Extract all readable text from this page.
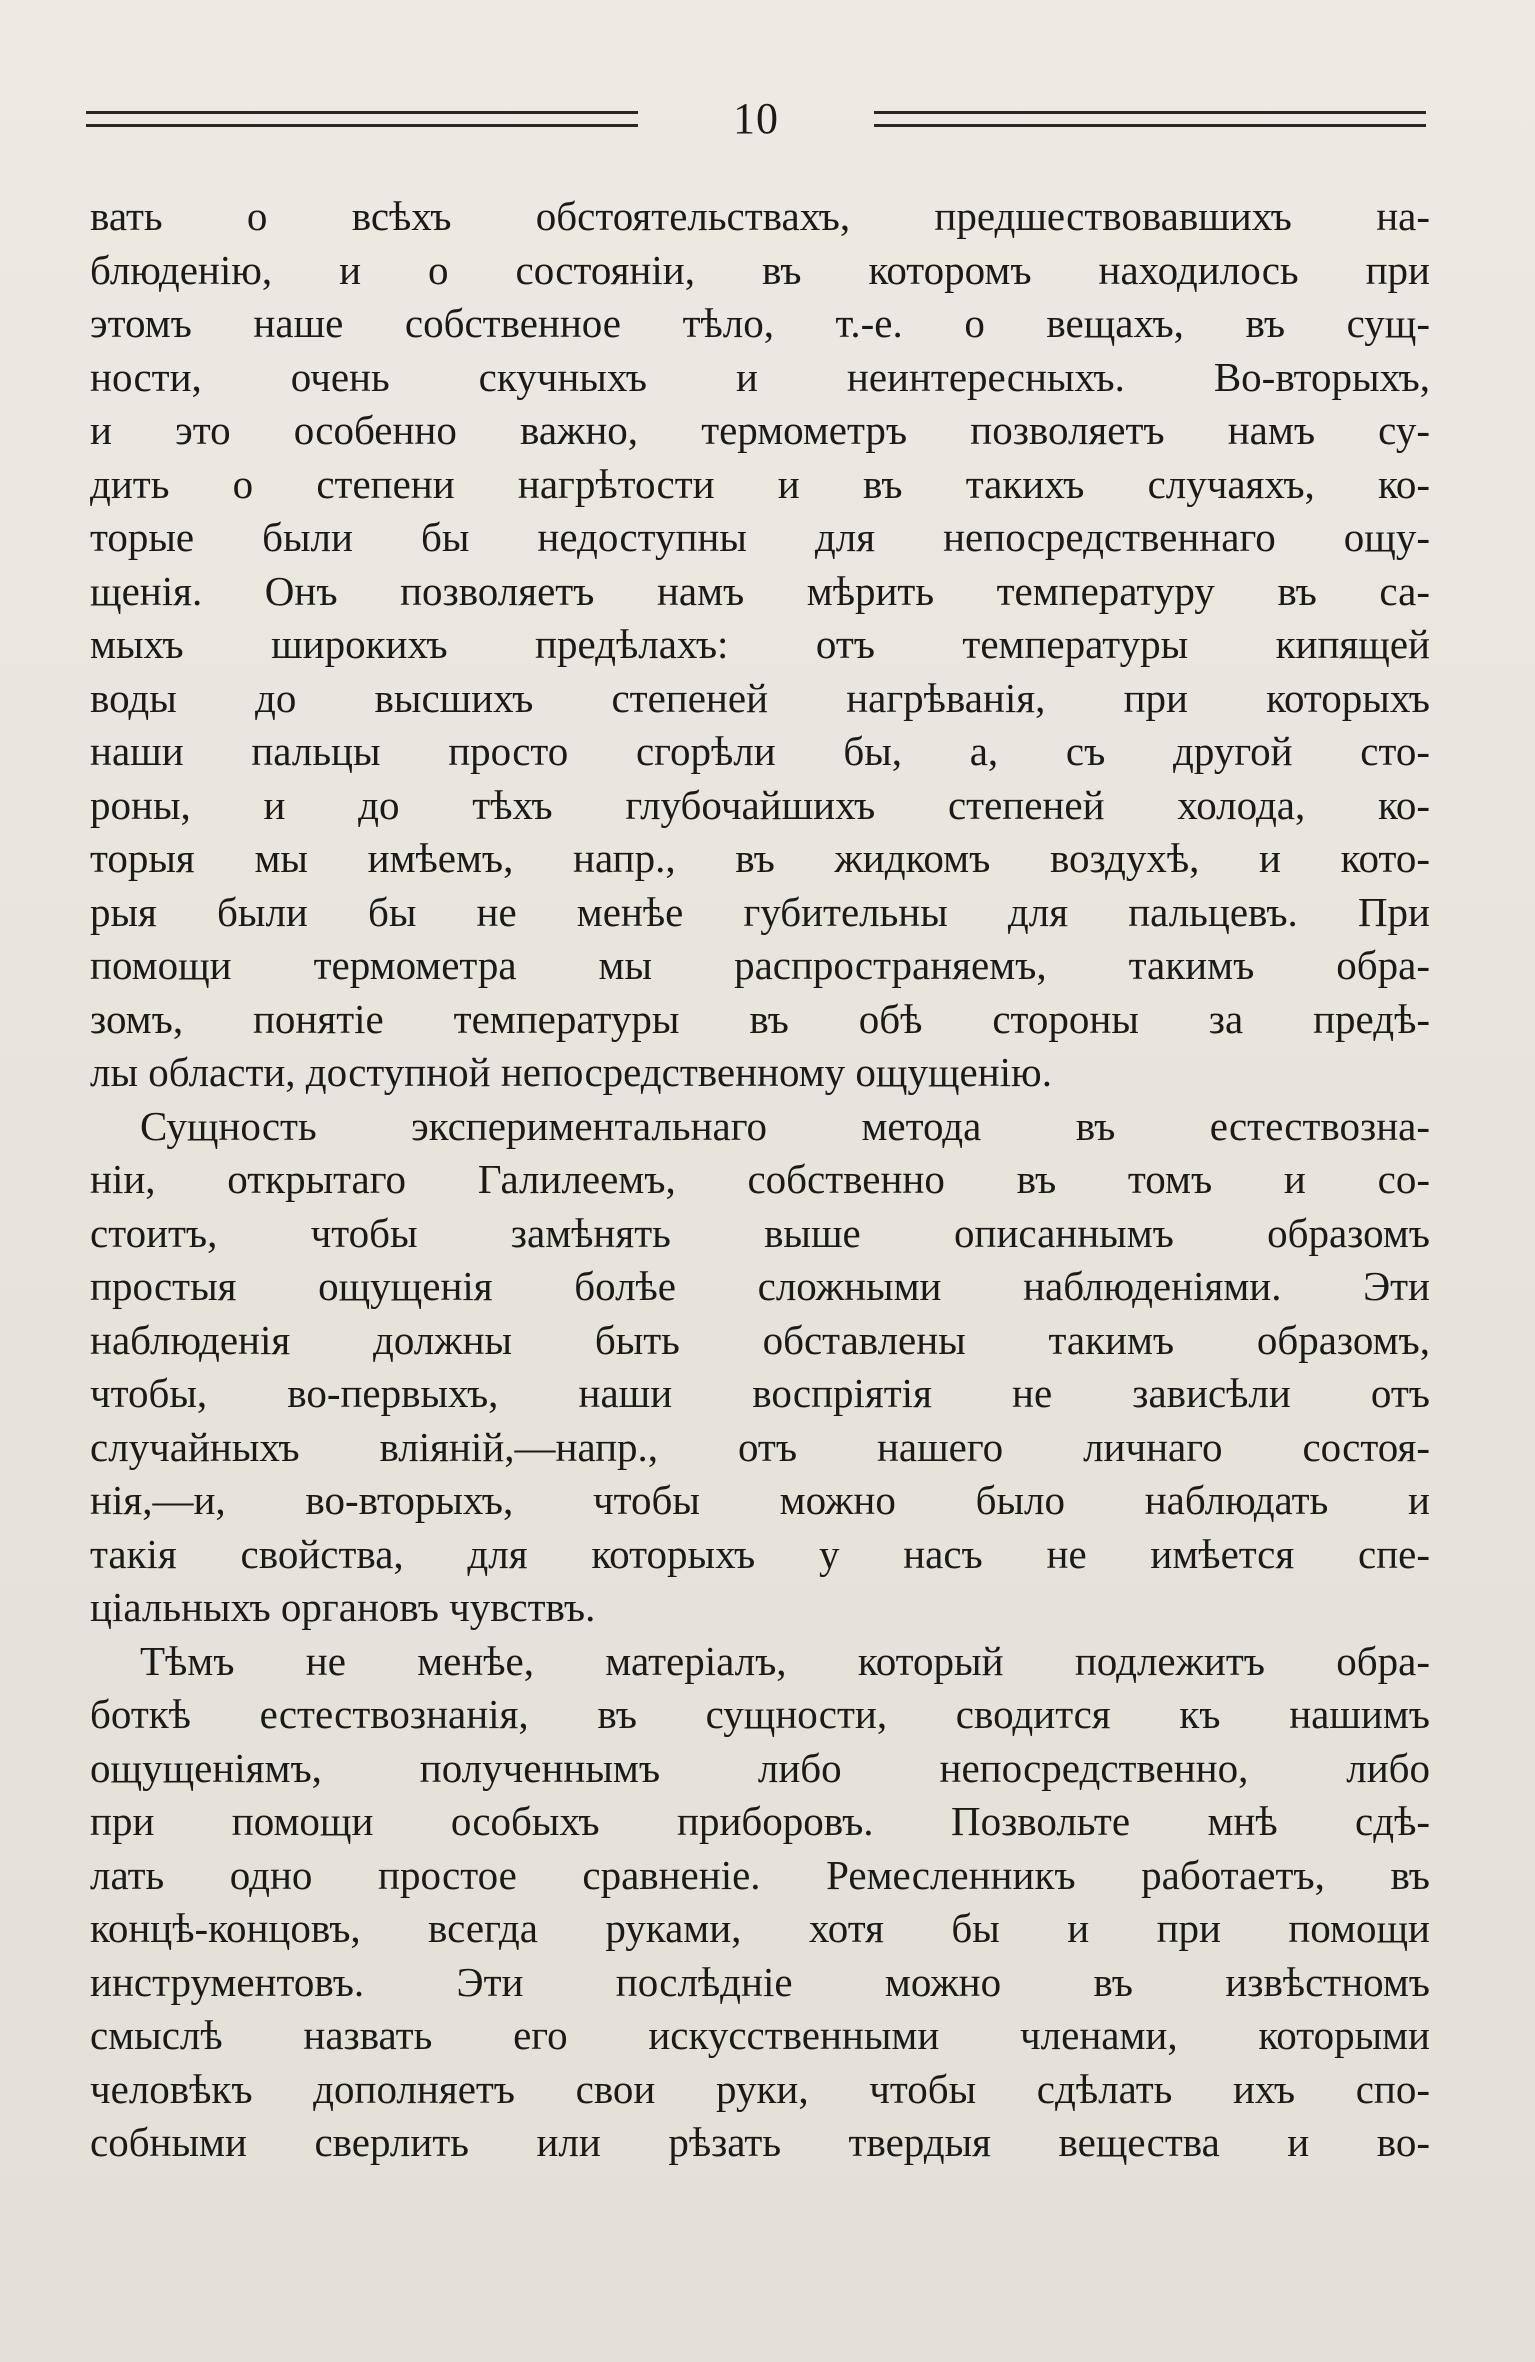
10
вать о всѣхъ обстоятельствахъ, предшествовавшихъ на-
блюденію, и о состояніи, въ которомъ находилось при
этомъ наше собственное тѣло, т.-е. о вещахъ, въ сущ-
ности, очень скучныхъ и неинтересныхъ. Во-вторыхъ,
и это особенно важно, термометръ позволяетъ намъ су-
дить о степени нагрѣтости и въ такихъ случаяхъ, ко-
торые были бы недоступны для непосредственнаго ощу-
щенія. Онъ позволяетъ намъ мѣрить температуру въ са-
мыхъ широкихъ предѣлахъ: отъ температуры кипящей
воды до высшихъ степеней нагрѣванія, при которыхъ
наши пальцы просто сгорѣли бы, а, съ другой сто-
роны, и до тѣхъ глубочайшихъ степеней холода, ко-
торыя мы имѣемъ, напр., въ жидкомъ воздухѣ, и кото-
рыя были бы не менѣе губительны для пальцевъ. При
помощи термометра мы распространяемъ, такимъ обра-
зомъ, понятіе температуры въ обѣ стороны за предѣ-
лы области, доступной непосредственному ощущенію.
Сущность экспериментальнаго метода въ естествозна-
ніи, открытаго Галилеемъ, собственно въ томъ и со-
стоитъ, чтобы замѣнять выше описаннымъ образомъ
простыя ощущенія болѣе сложными наблюденіями. Эти
наблюденія должны быть обставлены такимъ образомъ,
чтобы, во-первыхъ, наши воспріятія не зависѣли отъ
случайныхъ вліяній,—напр., отъ нашего личнаго состоя-
нія,—и, во-вторыхъ, чтобы можно было наблюдать и
такія свойства, для которыхъ у насъ не имѣется спе-
ціальныхъ органовъ чувствъ.
Тѣмъ не менѣе, матеріалъ, который подлежитъ обра-
боткѣ естествознанія, въ сущности, сводится къ нашимъ
ощущеніямъ, полученнымъ либо непосредственно, либо
при помощи особыхъ приборовъ. Позвольте мнѣ сдѣ-
лать одно простое сравненіе. Ремесленникъ работаетъ, въ
концѣ-концовъ, всегда руками, хотя бы и при помощи
инструментовъ. Эти послѣдніе можно въ извѣстномъ
смыслѣ назвать его искусственными членами, которыми
человѣкъ дополняетъ свои руки, чтобы сдѣлать ихъ спо-
собными сверлить или рѣзать твердыя вещества и во-
